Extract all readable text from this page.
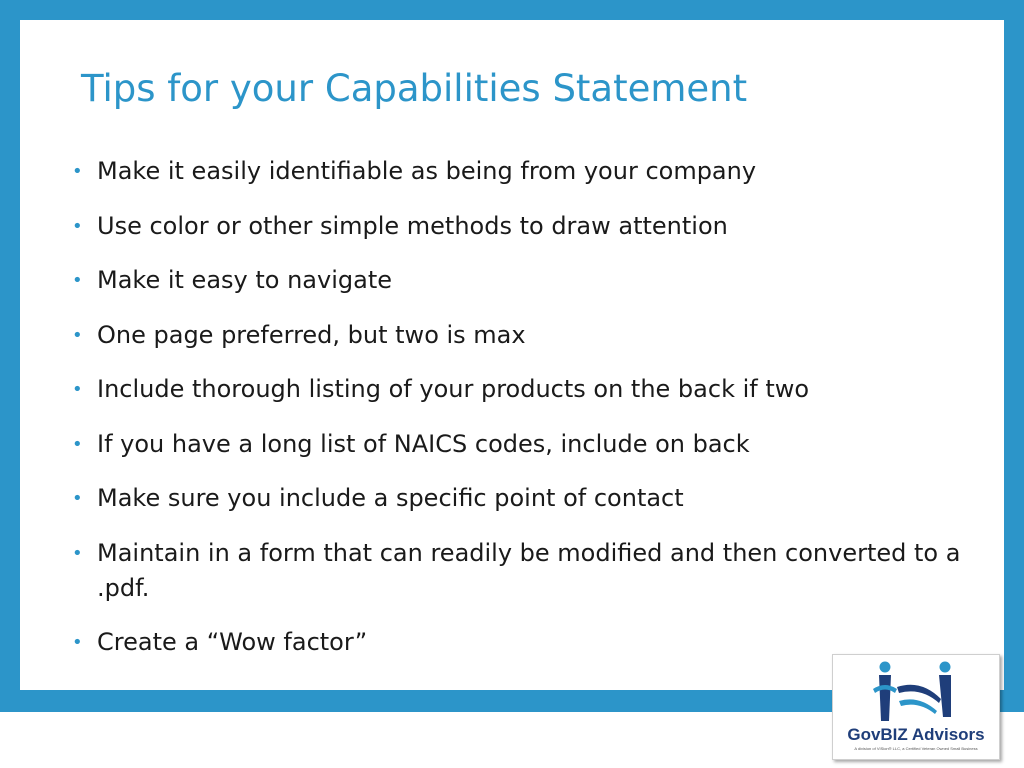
Tips for your Capabilities Statement
• Make it easily identifiable as being from your company
• Use color or other simple methods to draw attention
• Make it easy to navigate
• One page preferred, but two is max
• Include thorough listing of your products on the back if two
• If you have a long list of NAICS codes, include on back
• Make sure you include a specific point of contact
• Maintain in a form that can readily be modified and then converted to a .pdf.
• Create a “Wow factor”
GovBIZ Advisors
A division of VISion® LLC, a Certified Veteran Owned Small Business
